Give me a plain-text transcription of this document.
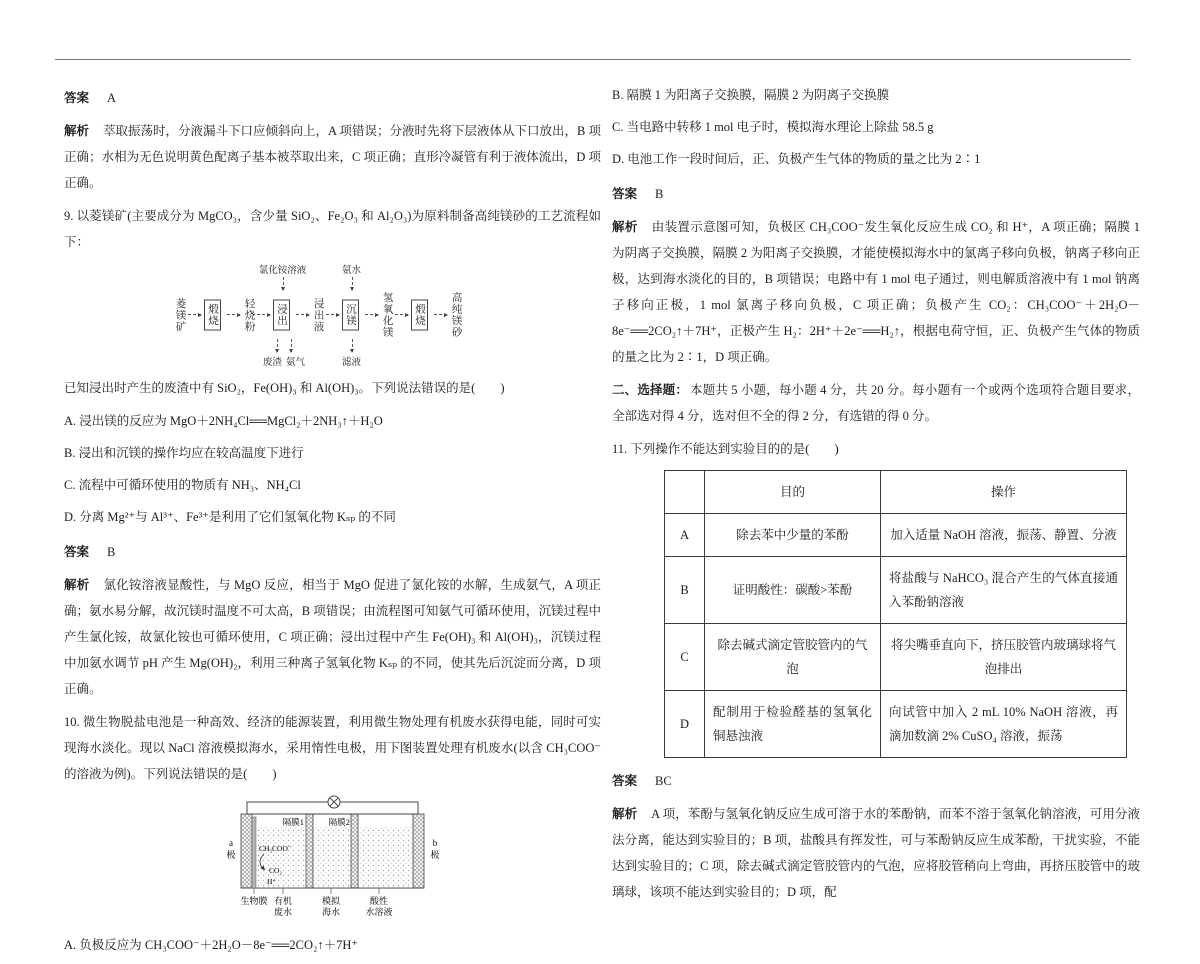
答案 A

解析 萃取振荡时，分液漏斗下口应倾斜向上，A 项错误；分液时先将下层液体从下口放出，B 项正确；水相为无色说明黄色配离子基本被萃取出来，C 项正确；直形冷凝管有利于液体流出，D 项正确。

9. 以菱镁矿(主要成分为 MgCO₃，含少量 SiO₂、Fe₂O₃ 和 Al₂O₃)为原料制备高纯镁砂的工艺流程如下：

菱镁矿	煅烧 轻烧粉	浸出 浸出液	沉镁 氢氧化镁	煅烧 高纯镁砂
氯化铵溶液	氨水
废渣 氨气	滤液

已知浸出时产生的废渣中有 SiO₂，Fe(OH)₃ 和 Al(OH)₃。下列说法错误的是(　　)

A. 浸出镁的反应为 MgO＋2NH₄Cl══MgCl₂＋2NH₃↑＋H₂O

B. 浸出和沉镁的操作均应在较高温度下进行

C. 流程中可循环使用的物质有 NH₃、NH₄Cl

D. 分离 Mg²⁺与 Al³⁺、Fe³⁺是利用了它们氢氧化物 Kₛₚ 的不同

答案 B

解析 氯化铵溶液显酸性，与 MgO 反应，相当于 MgO 促进了氯化铵的水解，生成氨气，A 项正确；氨水易分解，故沉镁时温度不可太高，B 项错误；由流程图可知氨气可循环使用，沉镁过程中产生氯化铵，故氯化铵也可循环使用，C 项正确；浸出过程中产生 Fe(OH)₃ 和 Al(OH)₃，沉镁过程中加氨水调节 pH 产生 Mg(OH)₂，利用三种离子氢氧化物 Kₛₚ 的不同，使其先后沉淀而分离，D 项正确。

10. 微生物脱盐电池是一种高效、经济的能源装置，利用微生物处理有机废水获得电能，同时可实现海水淡化。现以 NaCl 溶液模拟海水，采用惰性电极，用下图装置处理有机废水(以含 CH₃COO⁻的溶液为例)。下列说法错误的是(　　)

隔膜1	隔膜2
a
极
b
极
CH₃COO⁻
CO₂
H⁺
生物膜 有机
废水
模拟
海水
酸性
水溶液

A. 负极反应为 CH₃COO⁻＋2H₂O－8e⁻══2CO₂↑＋7H⁺

B. 隔膜 1 为阳离子交换膜，隔膜 2 为阴离子交换膜

C. 当电路中转移 1 mol 电子时，模拟海水理论上除盐 58.5 g

D. 电池工作一段时间后，正、负极产生气体的物质的量之比为 2∶1

答案 B

解析 由装置示意图可知，负极区 CH₃COO⁻发生氧化反应生成 CO₂ 和 H⁺，A 项正确；隔膜 1 为阴离子交换膜，隔膜 2 为阳离子交换膜，才能使模拟海水中的氯离子移向负极，钠离子移向正极，达到海水淡化的目的，B 项错误；电路中有 1 mol 电子通过，则电解质溶液中有 1 mol 钠离子移向正极，1 mol 氯离子移向负极，C 项正确；负极产生 CO₂：CH₃COO⁻＋2H₂O－8e⁻══2CO₂↑＋7H⁺，正极产生 H₂：2H⁺＋2e⁻══H₂↑，根据电荷守恒，正、负极产生气体的物质的量之比为 2∶1，D 项正确。

二、选择题： 本题共 5 小题，每小题 4 分，共 20 分。每小题有一个或两个选项符合题目要求，全部选对得 4 分，选对但不全的得 2 分，有选错的得 0 分。

11. 下列操作不能达到实验目的的是(　　)

	目的	操作
A	除去苯中少量的苯酚	加入适量 NaOH 溶液，振荡、静置、分液
B	证明酸性：碳酸>苯酚	将盐酸与 NaHCO₃ 混合产生的气体直接通入苯酚钠溶液
C	除去碱式滴定管胶管内的气泡	将尖嘴垂直向下，挤压胶管内玻璃球将气泡排出
D	配制用于检验醛基的氢氧化铜悬浊液	向试管中加入 2 mL 10% NaOH 溶液，再滴加数滴 2% CuSO₄ 溶液，振荡

答案 BC

解析 A 项，苯酚与氢氧化钠反应生成可溶于水的苯酚钠，而苯不溶于氢氧化钠溶液，可用分液法分离，能达到实验目的；B 项，盐酸具有挥发性，可与苯酚钠反应生成苯酚，干扰实验，不能达到实验目的；C 项，除去碱式滴定管胶管内的气泡，应将胶管稍向上弯曲，再挤压胶管中的玻璃球，该项不能达到实验目的；D 项，配
